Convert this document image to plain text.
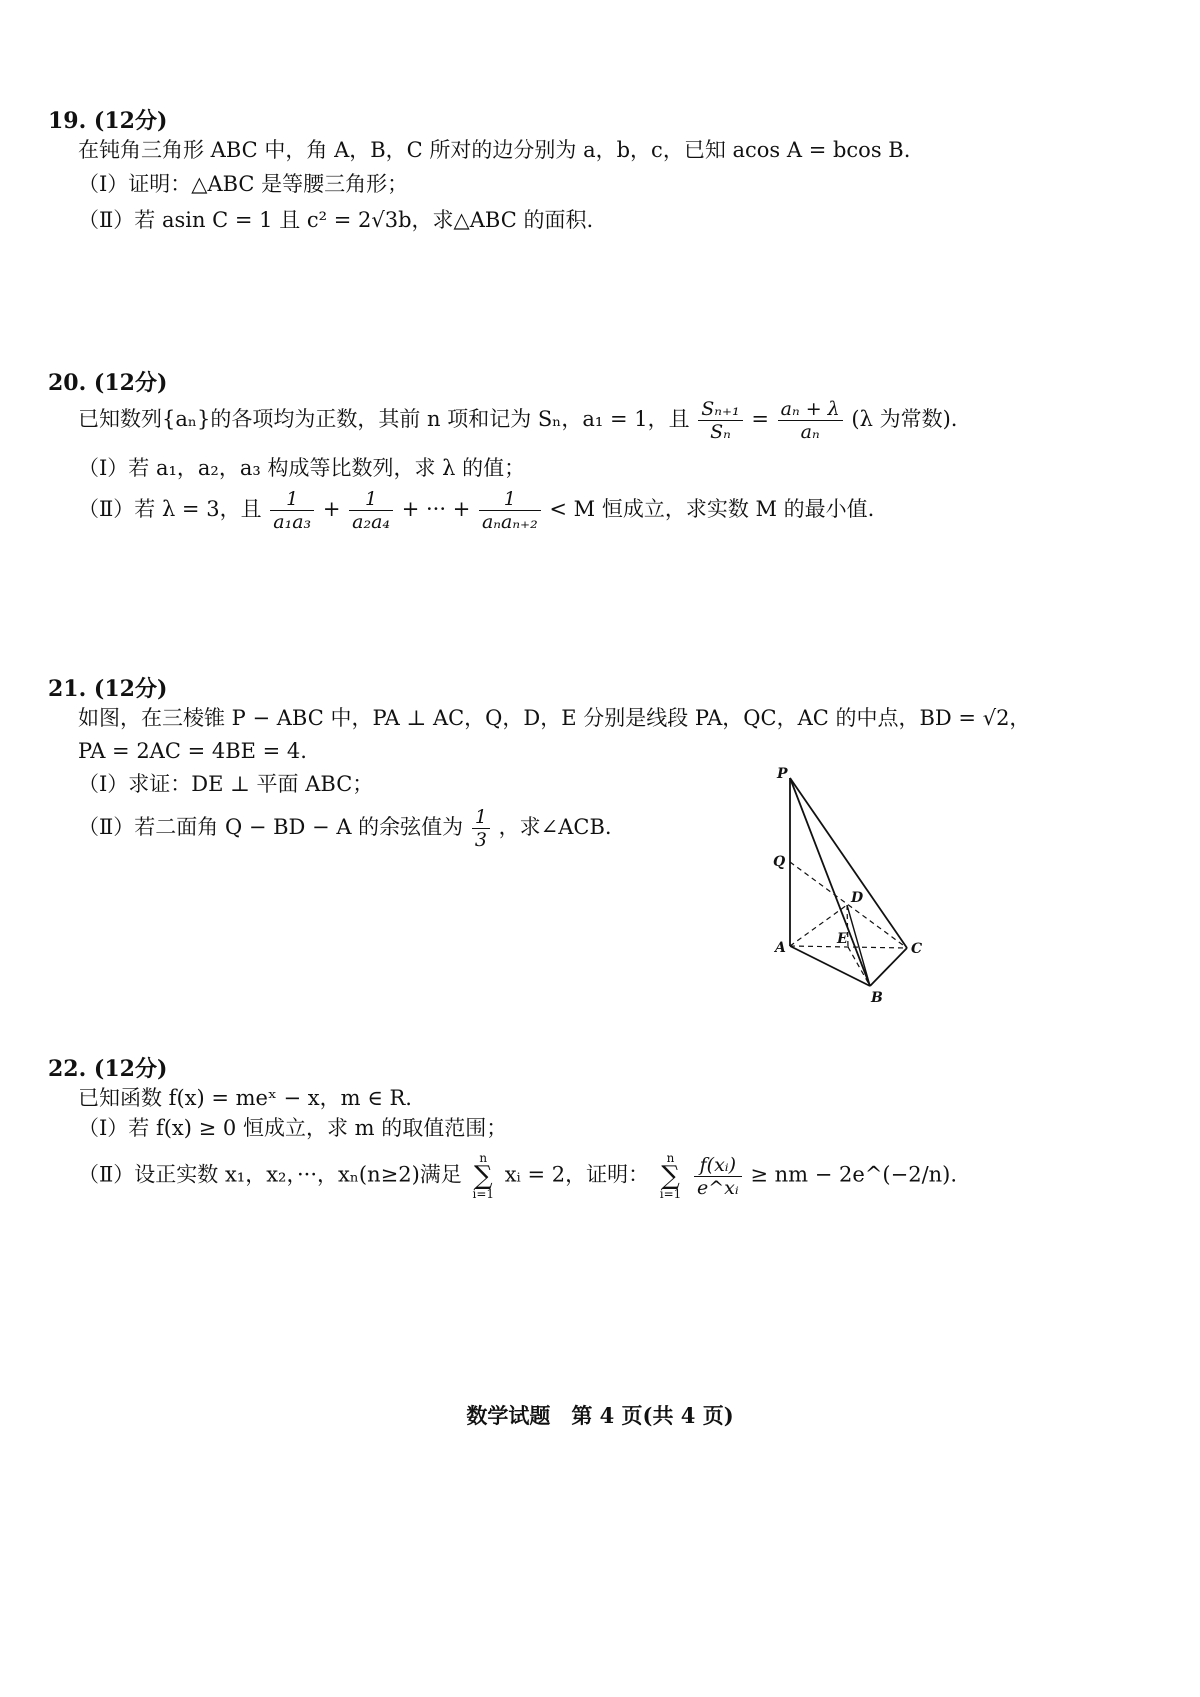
19. (12分)
在钝角三角形 ABC 中，角 A，B，C 所对的边分别为 a，b，c，已知 acos A = bcos B.
（Ⅰ）证明：△ABC 是等腰三角形；
（Ⅱ）若 asin C = 1 且 c² = 2√3b，求△ABC 的面积.
20. (12分)
已知数列{aₙ}的各项均为正数，其前 n 项和记为 Sₙ，a₁ = 1，且 $\frac{\text{Sₙ₊₁}}{\text{Sₙ}} = \frac{\text{aₙ + λ}}{\text{aₙ}} (\lambda$ 为常数).
（Ⅰ）若 a₁，a₂，a₃ 构成等比数列，求 λ 的值；
（Ⅱ）若 λ = 3，且 $\frac{1}{\text{a₁a₃}} + \frac{1}{\text{a₂a₄}}$ + ··· + $\frac{1}{\text{aₙaₙ₊₂}} < M$ 恒成立，求实数 M 的最小值.
21. (12分)
如图，在三棱锥 P − ABC 中，PA ⊥ AC，Q，D，E 分别是线段 PA，QC，AC 的中点，BD = √2，
PA = 2AC = 4BE = 4.
（Ⅰ）求证：DE ⊥ 平面 ABC；
（Ⅱ）若二面角 Q − BD − A 的余弦值为 $\frac{1}{3}$ ，求∠ACB.
P
Q
D
A
E
C
B
22. (12分)
已知函数 f(x) = meˣ − x，m ∈ R.
（Ⅰ）若 f(x) ≥ 0 恒成立，求 m 的取值范围；
（Ⅱ）设正实数 x₁，x₂，···，xₙ(n≥2)满足 n
∑
i=1 xᵢ = 2，证明： n
∑
$i=1 \frac{\text{f(xᵢ)}}{\text{e\textasciicircum{}xᵢ}}$ ≥ nm − 2e^(−2/n).
数学试题　第 4 页(共 4 页)
